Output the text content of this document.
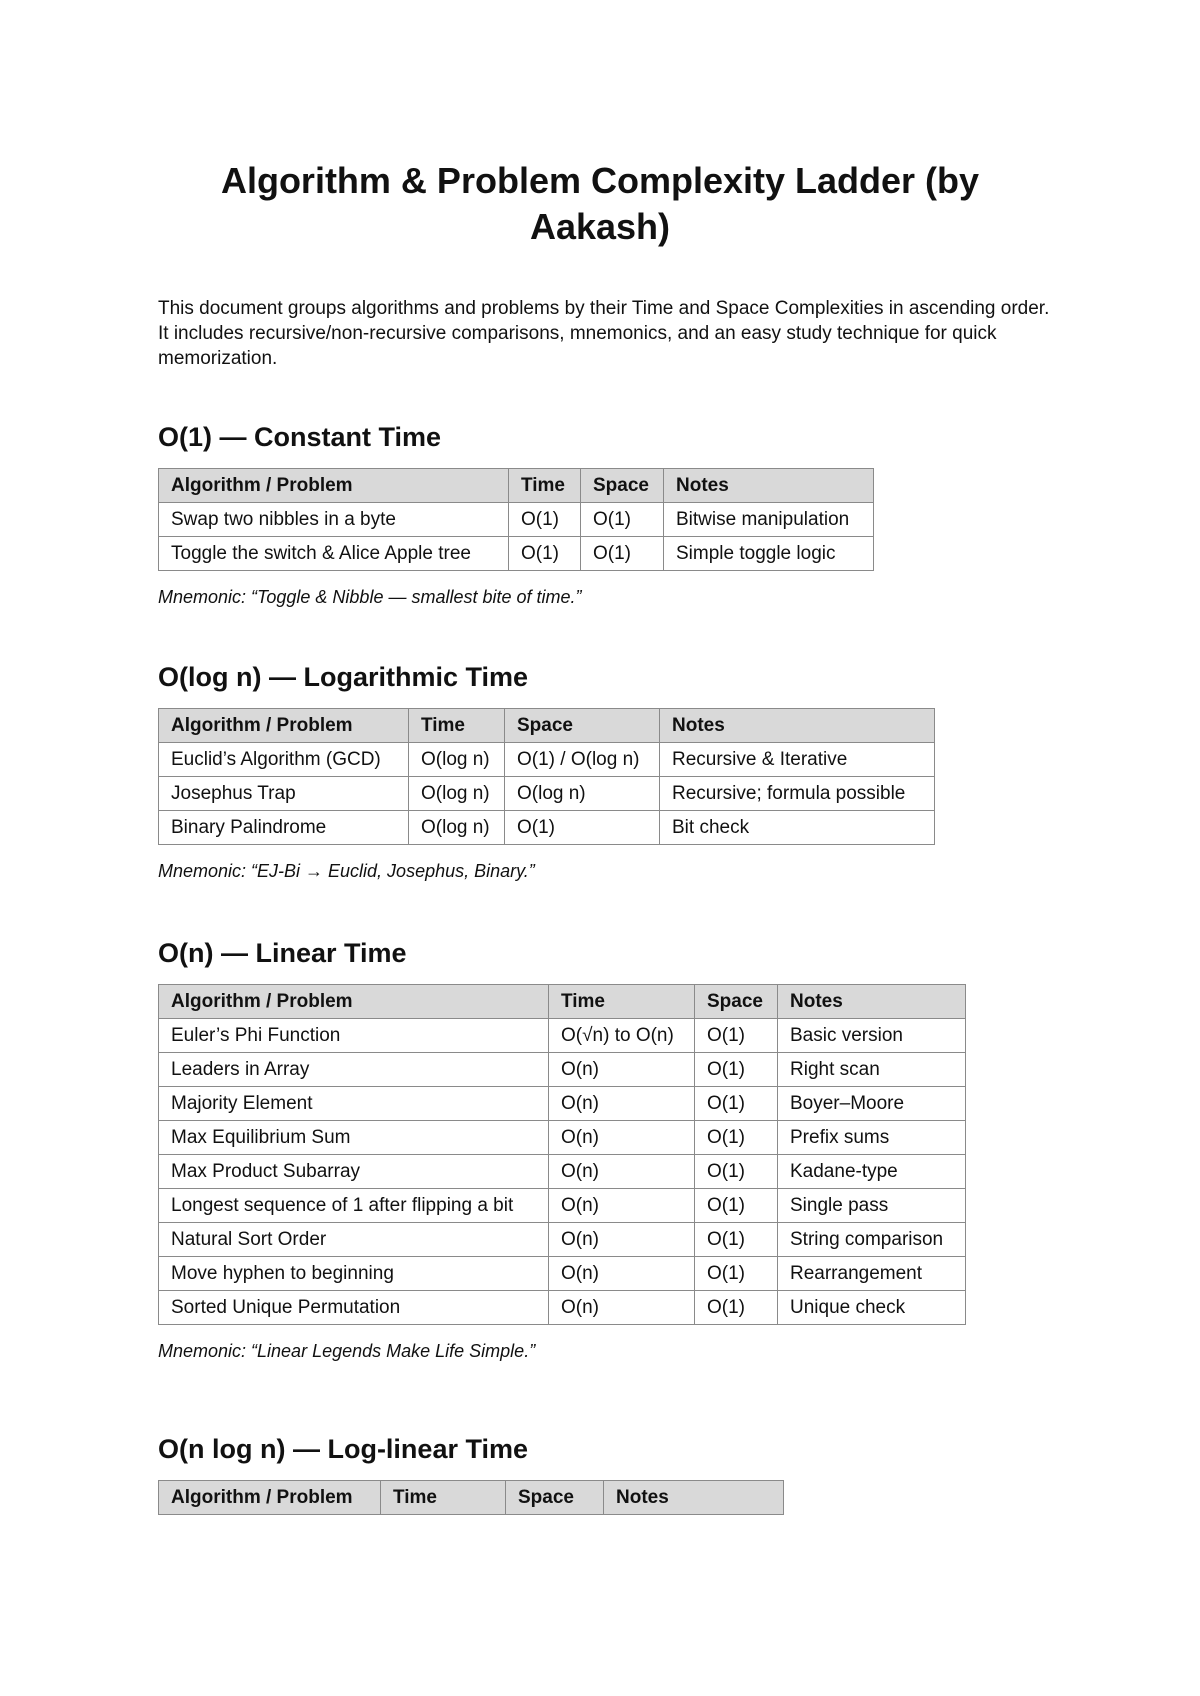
Algorithm & Problem Complexity Ladder (by Aakash)

This document groups algorithms and problems by their Time and Space Complexities in ascending order. It includes recursive/non-recursive comparisons, mnemonics, and an easy study technique for quick memorization.

O(1) — Constant Time
Algorithm / Problem	Time	Space	Notes
Swap two nibbles in a byte	O(1)	O(1)	Bitwise manipulation
Toggle the switch & Alice Apple tree	O(1)	O(1)	Simple toggle logic

Mnemonic: “Toggle & Nibble — smallest bite of time.”

O(log n) — Logarithmic Time
Algorithm / Problem	Time	Space	Notes
Euclid’s Algorithm (GCD)	O(log n)	O(1) / O(log n)	Recursive & Iterative
Josephus Trap	O(log n)	O(log n)	Recursive; formula possible
Binary Palindrome	O(log n)	O(1)	Bit check

Mnemonic: “EJ-Bi → Euclid, Josephus, Binary.”

O(n) — Linear Time
Algorithm / Problem	Time	Space	Notes
Euler’s Phi Function	O(√n) to O(n)	O(1)	Basic version
Leaders in Array	O(n)	O(1)	Right scan
Majority Element	O(n)	O(1)	Boyer–Moore
Max Equilibrium Sum	O(n)	O(1)	Prefix sums
Max Product Subarray	O(n)	O(1)	Kadane-type
Longest sequence of 1 after flipping a bit	O(n)	O(1)	Single pass
Natural Sort Order	O(n)	O(1)	String comparison
Move hyphen to beginning	O(n)	O(1)	Rearrangement
Sorted Unique Permutation	O(n)	O(1)	Unique check

Mnemonic: “Linear Legends Make Life Simple.”

O(n log n) — Log-linear Time
Algorithm / Problem	Time	Space	Notes
